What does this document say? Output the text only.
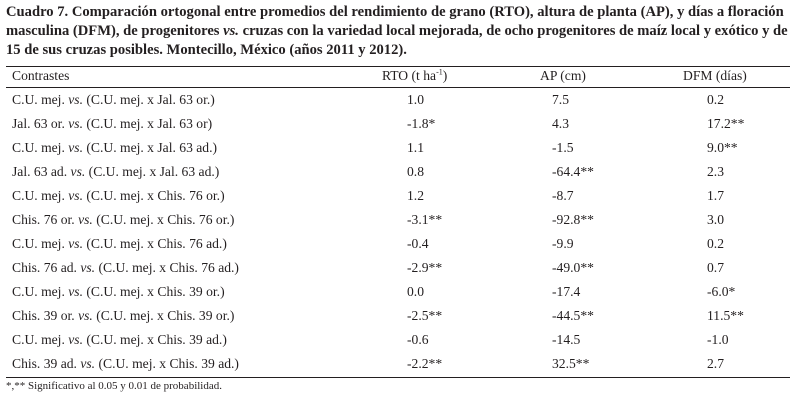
Cuadro 7. Comparación ortogonal entre promedios del rendimiento de grano (RTO), altura de planta (AP), y días a floración masculina (DFM), de progenitores vs. cruzas con la variedad local mejorada, de ocho progenitores de maíz local y exótico y de 15 de sus cruzas posibles. Montecillo, México (años 2011 y 2012).
Contrastes	RTO (t $ha^{-1}$)	AP (cm)	DFM (días)
C.U. mej. vs. (C.U. mej. x Jal. 63 or.)	1.0	7.5	0.2
Jal. 63 or. vs. (C.U. mej. x Jal. 63 or)	-1.8*	4.3	17.2**
C.U. mej. vs. (C.U. mej. x Jal. 63 ad.)	1.1	-1.5	9.0**
Jal. 63 ad. vs. (C.U. mej. x Jal. 63 ad.)	0.8	-64.4**	2.3
C.U. mej. vs. (C.U. mej. x Chis. 76 or.)	1.2	-8.7	1.7
Chis. 76 or. vs. (C.U. mej. x Chis. 76 or.)	-3.1**	-92.8**	3.0
C.U. mej. vs. (C.U. mej. x Chis. 76 ad.)	-0.4	-9.9	0.2
Chis. 76 ad. vs. (C.U. mej. x Chis. 76 ad.)	-2.9**	-49.0**	0.7
C.U. mej. vs. (C.U. mej. x Chis. 39 or.)	0.0	-17.4	-6.0*
Chis. 39 or. vs. (C.U. mej. x Chis. 39 or.)	-2.5**	-44.5**	11.5**
C.U. mej. vs. (C.U. mej. x Chis. 39 ad.)	-0.6	-14.5	-1.0
Chis. 39 ad. vs. (C.U. mej. x Chis. 39 ad.)	-2.2**	32.5**	2.7
*,** Significativo al 0.05 y 0.01 de probabilidad.
